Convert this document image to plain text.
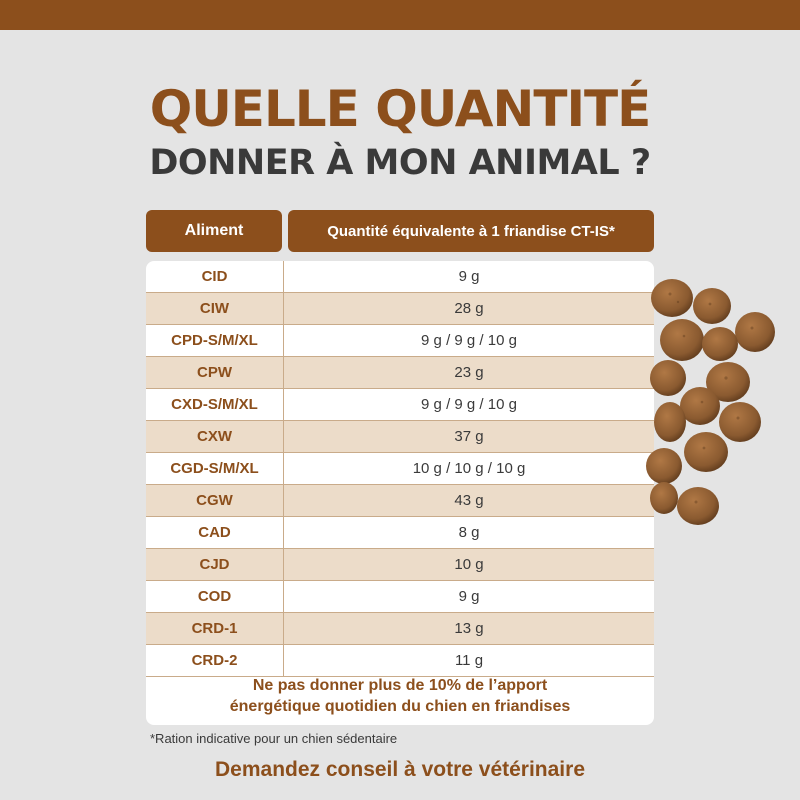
QUELLE QUANTITÉ
DONNER À MON ANIMAL ?
Aliment	Quantité équivalente à 1 friandise CT-IS*
CID	9 g
CIW	28 g
CPD-S/M/XL	9 g / 9 g / 10 g
CPW	23 g
CXD-S/M/XL	9 g / 9 g / 10 g
CXW	37 g
CGD-S/M/XL	10 g / 10 g / 10 g
CGW	43 g
CAD	8 g
CJD	10 g
COD	9 g
CRD-1	13 g
CRD-2	11 g
Ne pas donner plus de 10% de l’apport
énergétique quotidien du chien en friandises
*Ration indicative pour un chien sédentaire
Demandez conseil à votre vétérinaire
